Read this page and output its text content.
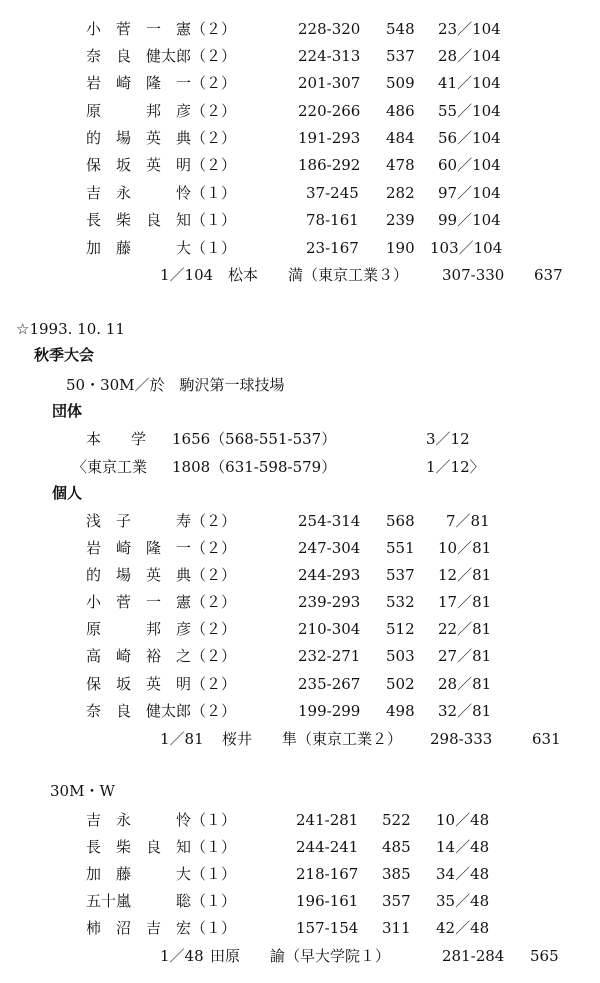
小　菅　一　憲（２）	228-320 548 23／104
奈　良　健太郎（２）	224-313 537 28／104
岩　崎　隆　一（２）	201-307 509 41／104
原　　　邦　彦（２）	220-266 486 55／104
的　場　英　典（２）	191-293 484 56／104
保　坂　英　明（２）	186-292 478 60／104
吉　永　　　怜（１）	37-245 282 97／104
長　柴　良　知（１）	78-161 239 99／104
加　藤　　　大（１）	23-167 190 103／104
1／104 松本　　満（東京工業３） 307-330 637
☆1993. 10. 11
秋季大会
50・30M／於　駒沢第一球技場
団体
本　　学 1656（568-551-537）	3／12
〈東京工業 1808（631-598-579）	1／12〉
個人
浅　子　　　寿（２）	254-314 568 7／81
岩　崎　隆　一（２）	247-304 551 10／81
的　場　英　典（２）	244-293 537 12／81
小　菅　一　憲（２）	239-293 532 17／81
原　　　邦　彦（２）	210-304 512 22／81
高　崎　裕　之（２）	232-271 503 27／81
保　坂　英　明（２）	235-267 502 28／81
奈　良　健太郎（２）	199-299 498 32／81
1／81 桜井　　隼（東京工業２） 298-333	631
30M・W
吉　永　　　怜（１）	241-281 522 10／48
長　柴　良　知（１）	244-241 485 14／48
加　藤　　　大（１）	218-167 385 34／48
五十嵐　　　聡（１）	196-161 357 35／48
柿　沼　吉　宏（１）	157-154 311 42／48
1／48 田原　　諭（早大学院１）	281-284 565
